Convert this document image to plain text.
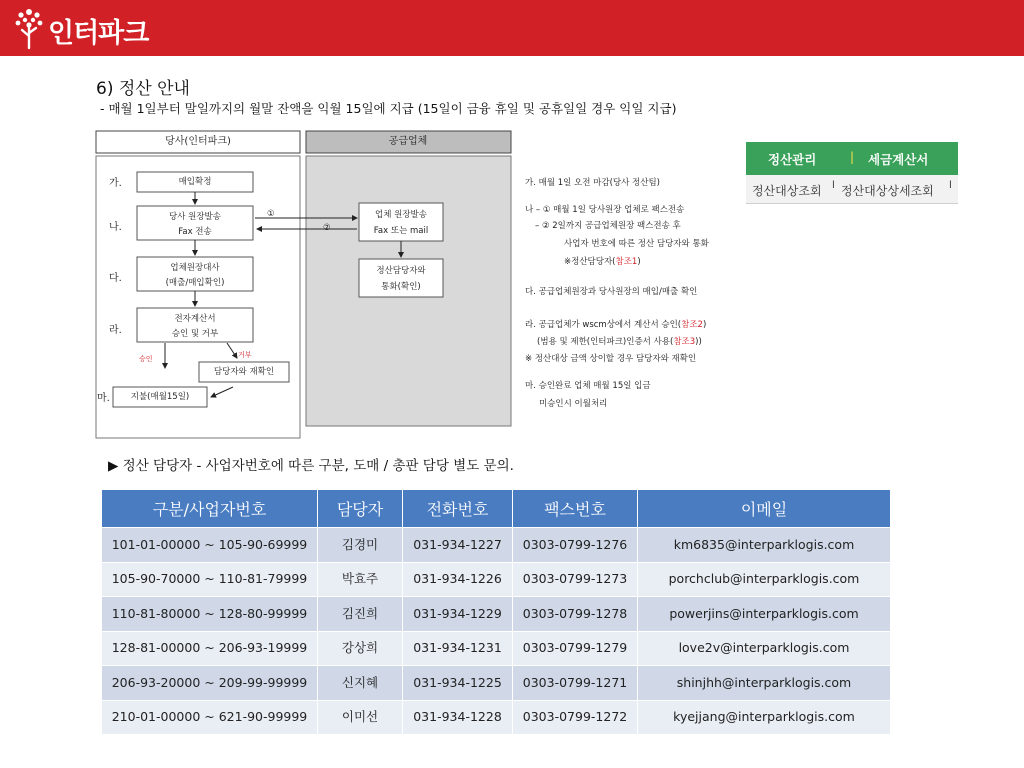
인터파크
6) 정산 안내
- 매월 1일부터 말일까지의 월말 잔액을 익월 15일에 지급 (15일이 금융 휴일 및 공휴일일 경우 익일 지급)
당사(인터파크)	공급업체
가.
나.
다.
라.
마.
매입확정
당사 원장발송
Fax 전송
업체원장대사
(매출/매입확인)
전자계산서
승인 및 거부
담당자와 재확인
지불(매월15일)
승인	거부
①
②
업체 원장발송
Fax 또는 mail
정산담당자와
통화(확인)
가. 매월 1일 오전 마감(당사 정산팀)
나 – ① 매월 1일 당사원장 업체로 팩스전송
– ② 2일까지 공급업체원장 팩스전송 후
사업자 번호에 따른 정산 담당자와 통화
※정산담당자(참조1)
다. 공급업체원장과 당사원장의 매입/매출 확인
라. 공급업체가 wscm상에서 계산서 승인(참조2)
(범용 및 제한(인터파크)인증서 사용(참조3))
※ 정산대상 금액 상이할 경우 담당자와 재확인
마. 승인완료 업체 매월 15일 입금
미승인시 이월처리
정산관리	| 세금계산서
정산대상조회 l 정산대상상세조회 l
▶ 정산 담당자 - 사업자번호에 따른 구분, 도매 / 총판 담당 별도 문의.
구분/사업자번호	담당자	전화번호	팩스번호	이메일
101-01-00000 ~ 105-90-69999	김경미	031-934-1227	0303-0799-1276	km6835@interparklogis.com
105-90-70000 ~ 110-81-79999	박효주	031-934-1226	0303-0799-1273	porchclub@interparklogis.com
110-81-80000 ~ 128-80-99999	김진희	031-934-1229	0303-0799-1278	powerjins@interparklogis.com
128-81-00000 ~ 206-93-19999	강상희	031-934-1231	0303-0799-1279	love2v@interparklogis.com
206-93-20000 ~ 209-99-99999	신지혜	031-934-1225	0303-0799-1271	shinjhh@interparklogis.com
210-01-00000 ~ 621-90-99999	이미선	031-934-1228	0303-0799-1272	kyejjang@interparklogis.com
